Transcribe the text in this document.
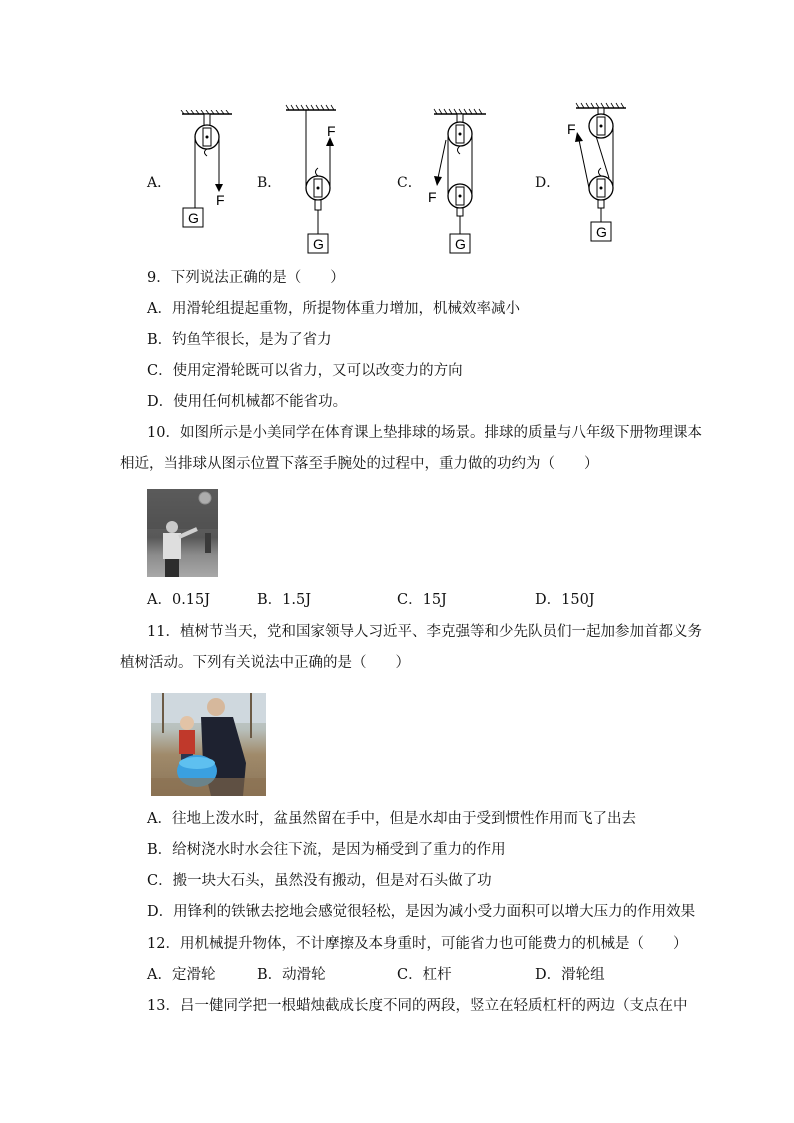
A．
G
F
B．
G
F
C．
F
G
D．
F
G
9．下列说法正确的是（　　）
A．用滑轮组提起重物，所提物体重力增加，机械效率减小
B．钓鱼竿很长，是为了省力
C．使用定滑轮既可以省力，又可以改变力的方向
D．使用任何机械都不能省功。
10．如图所示是小美同学在体育课上垫排球的场景。排球的质量与八年级下册物理课本
相近，当排球从图示位置下落至手腕处的过程中，重力做的功约为（　　）
A．0.15J	B．1.5J	C．15J	D．150J
11．植树节当天，党和国家领导人习近平、李克强等和少先队员们一起加参加首都义务
植树活动。下列有关说法中正确的是（　　）
A．往地上泼水时，盆虽然留在手中，但是水却由于受到惯性作用而飞了出去
B．给树浇水时水会往下流，是因为桶受到了重力的作用
C．搬一块大石头，虽然没有搬动，但是对石头做了功
D．用锋利的铁锹去挖地会感觉很轻松，是因为减小受力面积可以增大压力的作用效果
12．用机械提升物体，不计摩擦及本身重时，可能省力也可能费力的机械是（　　）
A．定滑轮	B．动滑轮	C．杠杆	D．滑轮组
13．吕一健同学把一根蜡烛截成长度不同的两段，竖立在轻质杠杆的两边（支点在中
